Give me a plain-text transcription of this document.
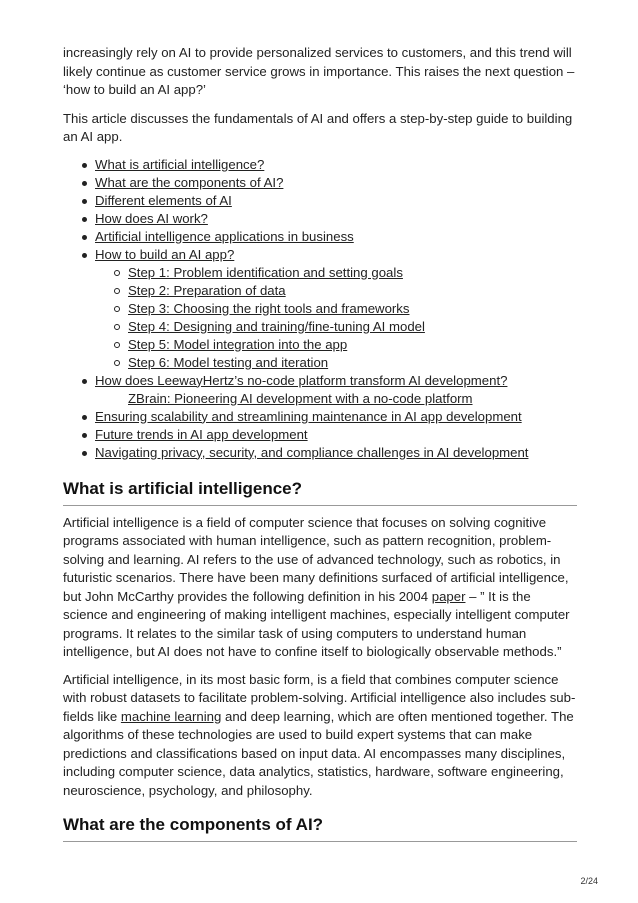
increasingly rely on AI to provide personalized services to customers, and this trend will likely continue as customer service grows in importance. This raises the next question – ‘how to build an AI app?’

This article discusses the fundamentals of AI and offers a step-by-step guide to building an AI app.

What is artificial intelligence?
What are the components of AI?
Different elements of AI
How does AI work?
Artificial intelligence applications in business
How to build an AI app?
Step 1: Problem identification and setting goals
Step 2: Preparation of data
Step 3: Choosing the right tools and frameworks
Step 4: Designing and training/fine-tuning AI model
Step 5: Model integration into the app
Step 6: Model testing and iteration
How does LeewayHertz’s no-code platform transform AI development?
ZBrain: Pioneering AI development with a no-code platform
Ensuring scalability and streamlining maintenance in AI app development
Future trends in AI app development
Navigating privacy, security, and compliance challenges in AI development
What is artificial intelligence?

Artificial intelligence is a field of computer science that focuses on solving cognitive programs associated with human intelligence, such as pattern recognition, problem-solving and learning. AI refers to the use of advanced technology, such as robotics, in futuristic scenarios. There have been many definitions surfaced of artificial intelligence, but John McCarthy provides the following definition in his 2004 paper – ” It is the science and engineering of making intelligent machines, especially intelligent computer programs. It relates to the similar task of using computers to understand human intelligence, but AI does not have to confine itself to biologically observable methods.”

Artificial intelligence, in its most basic form, is a field that combines computer science with robust datasets to facilitate problem-solving. Artificial intelligence also includes sub-fields like machine learning and deep learning, which are often mentioned together. The algorithms of these technologies are used to build expert systems that can make predictions and classifications based on input data. AI encompasses many disciplines, including computer science, data analytics, statistics, hardware, software engineering, neuroscience, psychology, and philosophy.

What are the components of AI?
2/24
